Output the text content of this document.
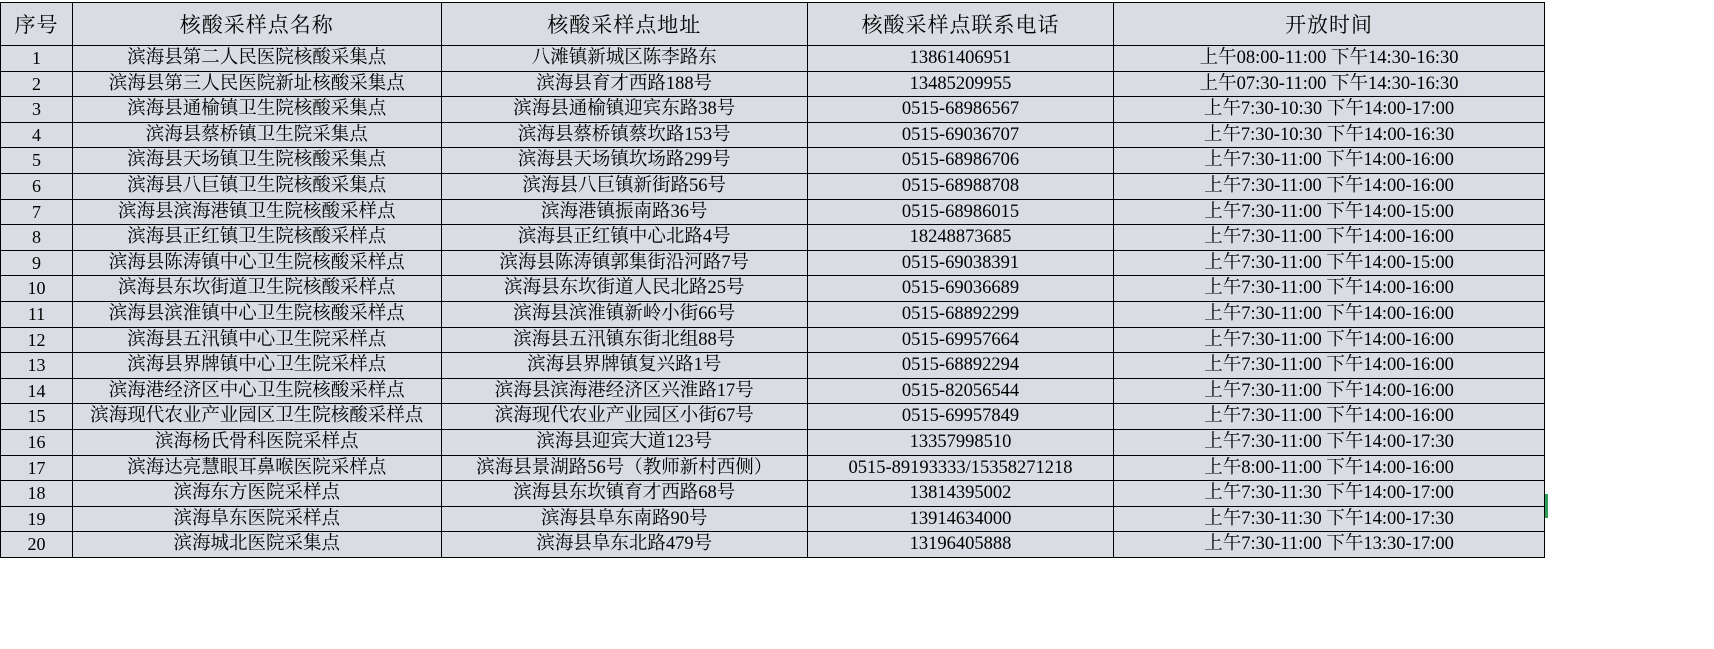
序号	核酸采样点名称	核酸采样点地址	核酸采样点联系电话	开放时间

1	滨海县第二人民医院核酸采集点	八滩镇新城区陈李路东	13861406951	上午08:00-11:00 下午14:30-16:30

2	滨海县第三人民医院新址核酸采集点	滨海县育才西路188号	13485209955	上午07:30-11:00 下午14:30-16:30

3	滨海县通榆镇卫生院核酸采集点	滨海县通榆镇迎宾东路38号	0515-68986567	上午7:30-10:30 下午14:00-17:00

4	滨海县蔡桥镇卫生院采集点	滨海县蔡桥镇蔡坎路153号	0515-69036707	上午7:30-10:30 下午14:00-16:30

5	滨海县天场镇卫生院核酸采集点	滨海县天场镇坎场路299号	0515-68986706	上午7:30-11:00 下午14:00-16:00

6	滨海县八巨镇卫生院核酸采集点	滨海县八巨镇新街路56号	0515-68988708	上午7:30-11:00 下午14:00-16:00

7	滨海县滨海港镇卫生院核酸采样点	滨海港镇振南路36号	0515-68986015	上午7:30-11:00 下午14:00-15:00

8	滨海县正红镇卫生院核酸采样点	滨海县正红镇中心北路4号	18248873685	上午7:30-11:00 下午14:00-16:00

9	滨海县陈涛镇中心卫生院核酸采样点	滨海县陈涛镇郭集街沿河路7号	0515-69038391	上午7:30-11:00 下午14:00-15:00

10	滨海县东坎街道卫生院核酸采样点	滨海县东坎街道人民北路25号	0515-69036689	上午7:30-11:00 下午14:00-16:00

11	滨海县滨淮镇中心卫生院核酸采样点	滨海县滨淮镇新岭小街66号	0515-68892299	上午7:30-11:00 下午14:00-16:00

12	滨海县五汛镇中心卫生院采样点	滨海县五汛镇东街北组88号	0515-69957664	上午7:30-11:00 下午14:00-16:00

13	滨海县界牌镇中心卫生院采样点	滨海县界牌镇复兴路1号	0515-68892294	上午7:30-11:00 下午14:00-16:00

14	滨海港经济区中心卫生院核酸采样点	滨海县滨海港经济区兴淮路17号	0515-82056544	上午7:30-11:00 下午14:00-16:00

15	滨海现代农业产业园区卫生院核酸采样点	滨海现代农业产业园区小街67号	0515-69957849	上午7:30-11:00 下午14:00-16:00

16	滨海杨氏骨科医院采样点	滨海县迎宾大道123号	13357998510	上午7:30-11:00 下午14:00-17:30

17	滨海达亮慧眼耳鼻喉医院采样点	滨海县景湖路56号（教师新村西侧）	0515-89193333/15358271218	上午8:00-11:00 下午14:00-16:00

18	滨海东方医院采样点	滨海县东坎镇育才西路68号	13814395002	上午7:30-11:30 下午14:00-17:00

19	滨海阜东医院采样点	滨海县阜东南路90号	13914634000	上午7:30-11:30 下午14:00-17:30

20	滨海城北医院采集点	滨海县阜东北路479号	13196405888	上午7:30-11:00 下午13:30-17:00
